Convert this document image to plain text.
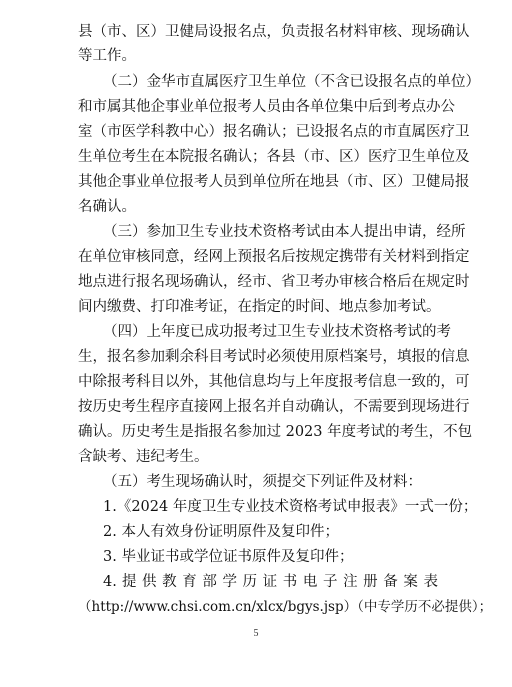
县（市、区）卫健局设报名点，负责报名材料审核、现场确认
等工作。
（二）金华市直属医疗卫生单位（不含已设报名点的单位）
和市属其他企事业单位报考人员由各单位集中后到考点办公
室（市医学科教中心）报名确认；已设报名点的市直属医疗卫
生单位考生在本院报名确认；各县（市、区）医疗卫生单位及
其他企事业单位报考人员到单位所在地县（市、区）卫健局报
名确认。
（三）参加卫生专业技术资格考试由本人提出申请，经所
在单位审核同意，经网上预报名后按规定携带有关材料到指定
地点进行报名现场确认，经市、省卫考办审核合格后在规定时
间内缴费、打印准考证，在指定的时间、地点参加考试。
（四）上年度已成功报考过卫生专业技术资格考试的考
生，报名参加剩余科目考试时必须使用原档案号，填报的信息
中除报考科目以外，其他信息均与上年度报考信息一致的，可
按历史考生程序直接网上报名并自动确认，不需要到现场进行
确认。历史考生是指报名参加过 2023 年度考试的考生，不包
含缺考、违纪考生。
（五）考生现场确认时，须提交下列证件及材料：
1.《2024 年度卫生专业技术资格考试申报表》一式一份；
2. 本人有效身份证明原件及复印件；
3. 毕业证书或学位证书原件及复印件；
4. 提 供 教 育 部 学 历 证 书 电 子 注 册 备 案 表
（http://www.chsi.com.cn/xlcx/bgys.jsp）（中专学历不必提供）；
5
